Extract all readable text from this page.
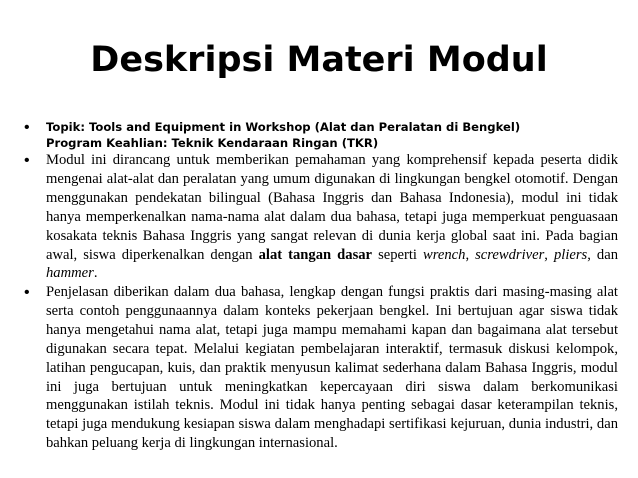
Deskripsi Materi Modul
• Topik: Tools and Equipment in Workshop (Alat dan Peralatan di Bengkel)
Program Keahlian: Teknik Kendaraan Ringan (TKR)
• Modul ini dirancang untuk memberikan pemahaman yang komprehensif kepada peserta didik mengenai alat-alat dan peralatan yang umum digunakan di lingkungan bengkel otomotif. Dengan menggunakan pendekatan bilingual (Bahasa Inggris dan Bahasa Indonesia), modul ini tidak hanya memperkenalkan nama-nama alat dalam dua bahasa, tetapi juga memperkuat penguasaan kosakata teknis Bahasa Inggris yang sangat relevan di dunia kerja global saat ini. Pada bagian awal, siswa diperkenalkan dengan alat tangan dasar seperti wrench, screwdriver, pliers, dan hammer.
• Penjelasan diberikan dalam dua bahasa, lengkap dengan fungsi praktis dari masing-masing alat serta contoh penggunaannya dalam konteks pekerjaan bengkel. Ini bertujuan agar siswa tidak hanya mengetahui nama alat, tetapi juga mampu memahami kapan dan bagaimana alat tersebut digunakan secara tepat. Melalui kegiatan pembelajaran interaktif, termasuk diskusi kelompok, latihan pengucapan, kuis, dan praktik menyusun kalimat sederhana dalam Bahasa Inggris, modul ini juga bertujuan untuk meningkatkan kepercayaan diri siswa dalam berkomunikasi menggunakan istilah teknis. Modul ini tidak hanya penting sebagai dasar keterampilan teknis, tetapi juga mendukung kesiapan siswa dalam menghadapi sertifikasi kejuruan, dunia industri, dan bahkan peluang kerja di lingkungan internasional.
